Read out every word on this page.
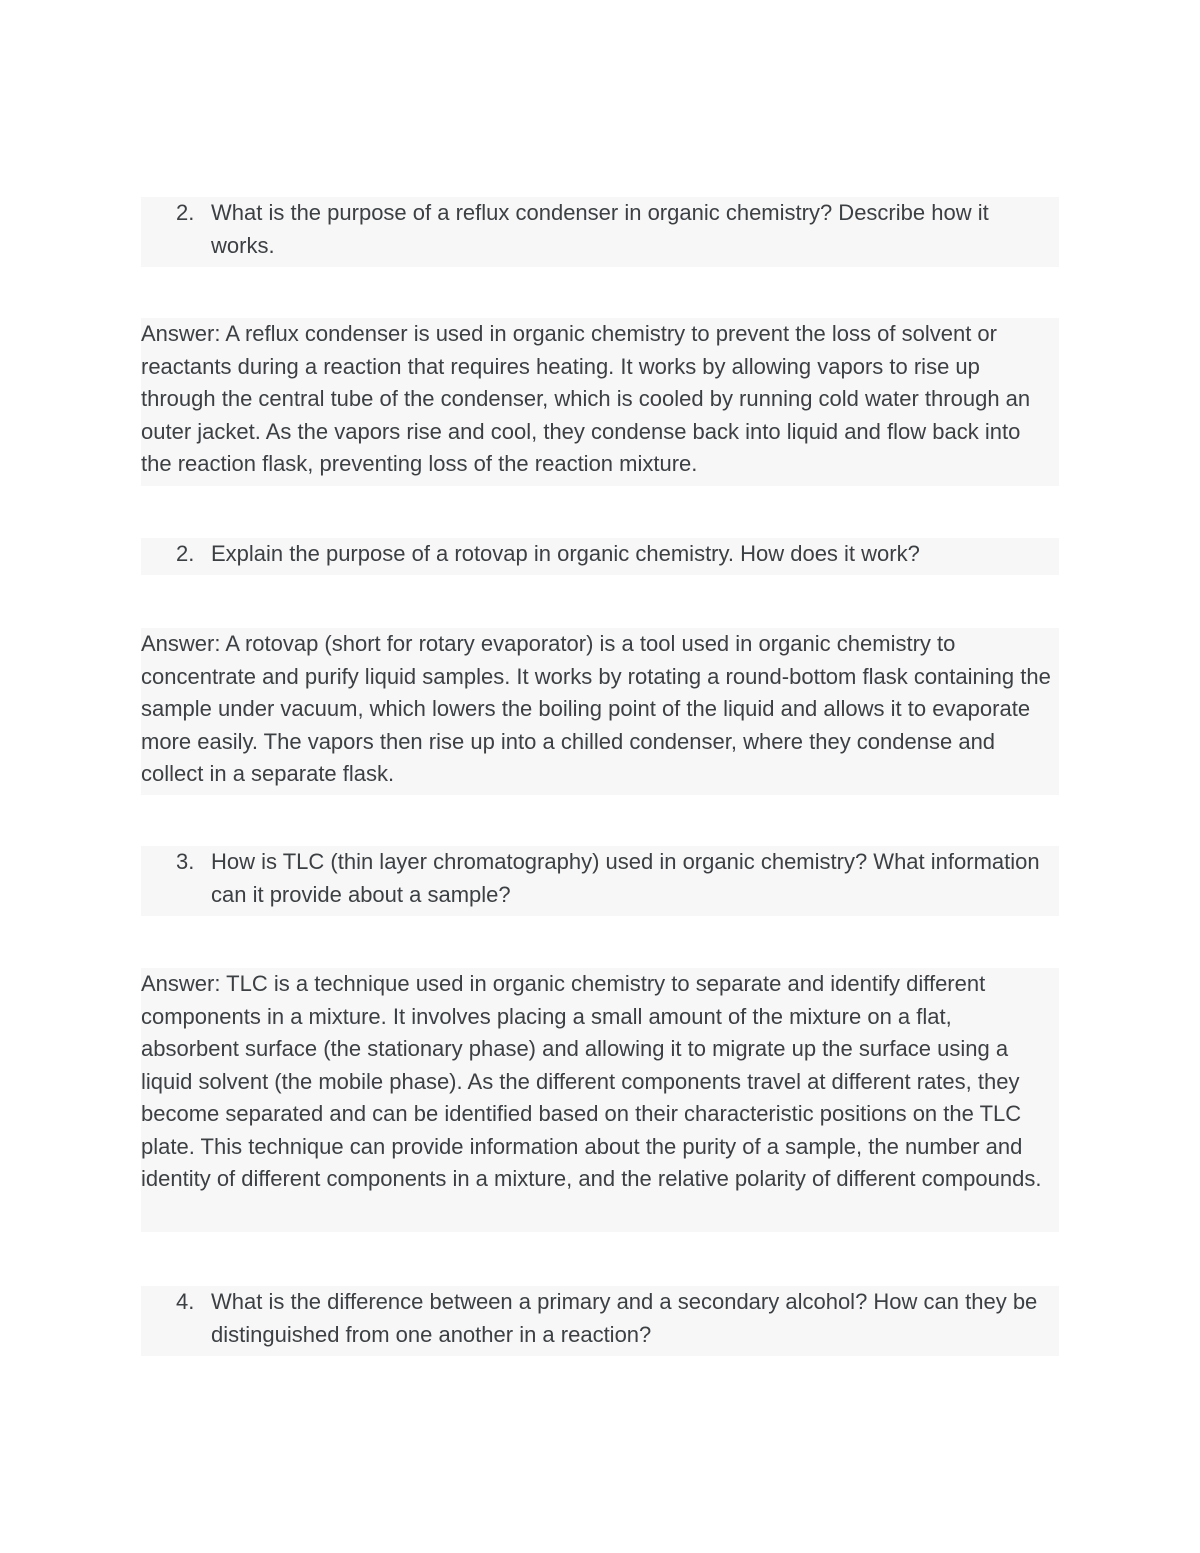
2. What is the purpose of a reflux condenser in organic chemistry? Describe how it works.
Answer: A reflux condenser is used in organic chemistry to prevent the loss of solvent or reactants during a reaction that requires heating. It works by allowing vapors to rise up through the central tube of the condenser, which is cooled by running cold water through an outer jacket. As the vapors rise and cool, they condense back into liquid and flow back into the reaction flask, preventing loss of the reaction mixture.
2. Explain the purpose of a rotovap in organic chemistry. How does it work?
Answer: A rotovap (short for rotary evaporator) is a tool used in organic chemistry to concentrate and purify liquid samples. It works by rotating a round-bottom flask containing the sample under vacuum, which lowers the boiling point of the liquid and allows it to evaporate more easily. The vapors then rise up into a chilled condenser, where they condense and collect in a separate flask.
3. How is TLC (thin layer chromatography) used in organic chemistry? What information can it provide about a sample?
Answer: TLC is a technique used in organic chemistry to separate and identify different components in a mixture. It involves placing a small amount of the mixture on a flat, absorbent surface (the stationary phase) and allowing it to migrate up the surface using a liquid solvent (the mobile phase). As the different components travel at different rates, they become separated and can be identified based on their characteristic positions on the TLC plate. This technique can provide information about the purity of a sample, the number and identity of different components in a mixture, and the relative polarity of different compounds.
4. What is the difference between a primary and a secondary alcohol? How can they be distinguished from one another in a reaction?
